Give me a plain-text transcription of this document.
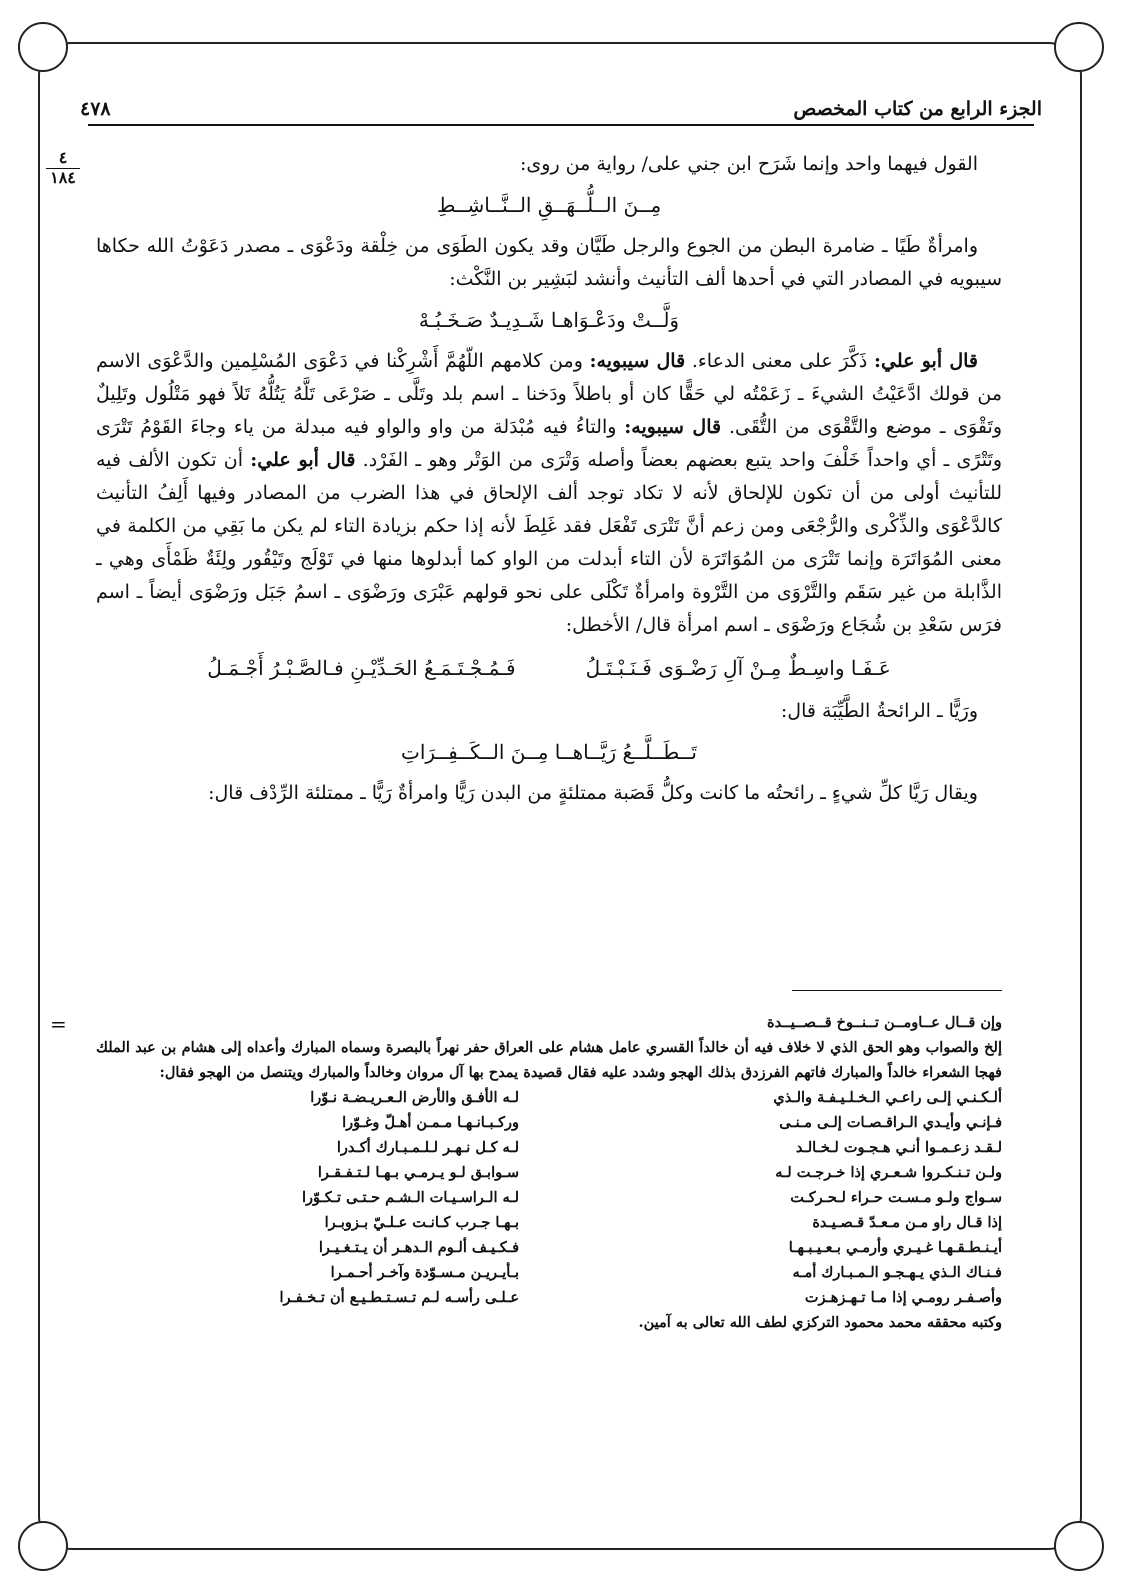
الجزء الرابع من كتاب المخصص
٤٧٨
٤
١٨٤
=

القول فيهما واحد وإنما شَرَح ابن جني على/ رواية من روى:

مِــنَ الــلُّــهَــقِ الــنَّــاشِــطِ

وامرأةٌ طَيًا ـ ضامرة البطن من الجوع والرجل طَيَّان وقد يكون الطَوَى من خِلْقة ودَعْوَى ـ مصدر دَعَوْتُ الله حكاها سيبويه في المصادر التي في أحدها ألف التأنيث وأنشد لبَشِير بن النَّكْث:

وَلَّــتْ ودَعْـوَاهـا شَـدِيـدٌ صَـخَـبُـهْ

قال أبو علي: ذَكَّرَ على معنى الدعاء. قال سيبويه: ومن كلامهم اللّهُمَّ أَشْرِكْنا في دَعْوَى المُسْلِمين والدَّعْوَى الاسم من قولك ادَّعَيْتُ الشيءَ ـ زَعَمْتُه لي حَقًّا كان أو باطلاً ودَخنا ـ اسم بلد وتَلَّى ـ صَرْعَى تَلَّهُ يَتُلُّهُ تَلاً فهو مَتْلُول وتَلِيلٌ وتَقْوَى ـ موضع والتَّقْوَى من التُّقَى. قال سيبويه: والتاءُ فيه مُبْدَلة من واو والواو فيه مبدلة من ياء وجاءَ القَوْمُ تَتْرَى وتَتْرًى ـ أي واحداً خَلْفَ واحد يتبع بعضهم بعضاً وأصله وَتْرَى من الوَتْر وهو ـ الفَرْد. قال أبو علي: أن تكون الألف فيه للتأنيث أولى من أن تكون للإلحاق لأنه لا تكاد توجد ألف الإلحاق في هذا الضرب من المصادر وفيها أَلِفُ التأنيث كالدَّعْوَى والذِّكْرى والرُّجْعَى ومن زعم أنَّ تَتْرَى تَفْعَل فقد غَلِطَ لأنه إذا حكم بزيادة التاء لم يكن ما بَقِي من الكلمة في معنى المُوَاتَرَة وإنما تَتْرَى من المُوَاتَرَة لأن التاء أبدلت من الواو كما أبدلوها منها في تَوْلَج وتَيْقُور ولِئَةٌ ظَمْأَى وهي ـ الذَّابلة من غير سَقَم والتَّرْوَى من التَّرْوة وامرأةٌ تَكْلَى على نحو قولهم عَبْرَى ورَضْوَى ـ اسمُ جَبَل ورَضْوَى أيضاً ـ اسم فرَس سَعْدِ بن شُجَاع ورَضْوَى ـ اسم امرأة قال/ الأخطل:

عَـفَـا واسِـطٌ مِـنْ آلِ رَضْـوَى فَـنَـبْـتَـلُ
فَـمُـجْـتَـمَـعُ الحَـدِّيْـنِ فـالصَّـبْـرُ أَجْـمَـلُ

ورَيًّا ـ الرائحةُ الطَّيِّبَة قال:

تَــطَــلَّــعُ رَيَّــاهــا مِــنَ الــكَــفِــرَاتِ

ويقال رَيَّا كلِّ شيءٍ ـ رائحتُه ما كانت وكلُّ قَصَبة ممتلئةٍ من البدن رَيًّا وامرأةٌ رَيًّا ـ ممتلئة الرِّدْف قال:

وإن قــال عــاومــن تــنــوخ قــصــيــدة

إلخ والصواب وهو الحق الذي لا خلاف فيه أن خالداً القسري عامل هشام على العراق حفر نهراً بالبصرة وسماه المبارك وأعداه إلى هشام بن عبد الملك فهجا الشعراء خالداً والمبارك فاتهم الفرزدق بذلك الهجو وشدد عليه فقال قصيدة يمدح بها آل مروان وخالداً والمبارك ويتنصل من الهجو فقال:

ألـكـنـي إلـى راعـي الـخـلـيـفـة والـذي
لـه الأفـق والأرض الـعـريـضـة نـوّرا
فـإنـي وأيـدي الـراقـصـات إلـى مـنـى
وركـبـانـهـا مـمـن أهـلّ وغـوّرا
لـقـد زعـمـوا أنـي هـجـوت لـخـالـد
لـه كـل نـهـر لـلـمـبـارك أكـدرا
ولـن تـنـكـروا شـعـري إذا خـرجـت لـه
سـوابـق لـو يـرمـي بـهـا لـتـفـقـرا
سـواج ولـو مـسـت حـراء لـحـركـت
لـه الـراسـيـات الـشـم حـتـى تـكـوّرا
إذا قـال راو مـن مـعـدّ قـصـيـدة
بـهـا جـرب كـانـت عـلـيّ بـزوبـرا
أيـنـطـقـهـا غـيـري وأرمـي بـعـيـبـهـا
فـكـيـف ألـوم الـدهـر أن يـتـغـيـرا
فـنـاك الـذي يـهـجـو الـمـبـارك أمـه
بـأيـريـن مـسـوّدة وآخـر أحـمـرا
وأصـفـر رومـي إذا مـا تـهـزهـزت
عـلـى رأسـه لـم تـسـتـطـيـع أن تـخـفـرا

وكتبه محققه محمد محمود التركزي لطف الله تعالى به آمين.
